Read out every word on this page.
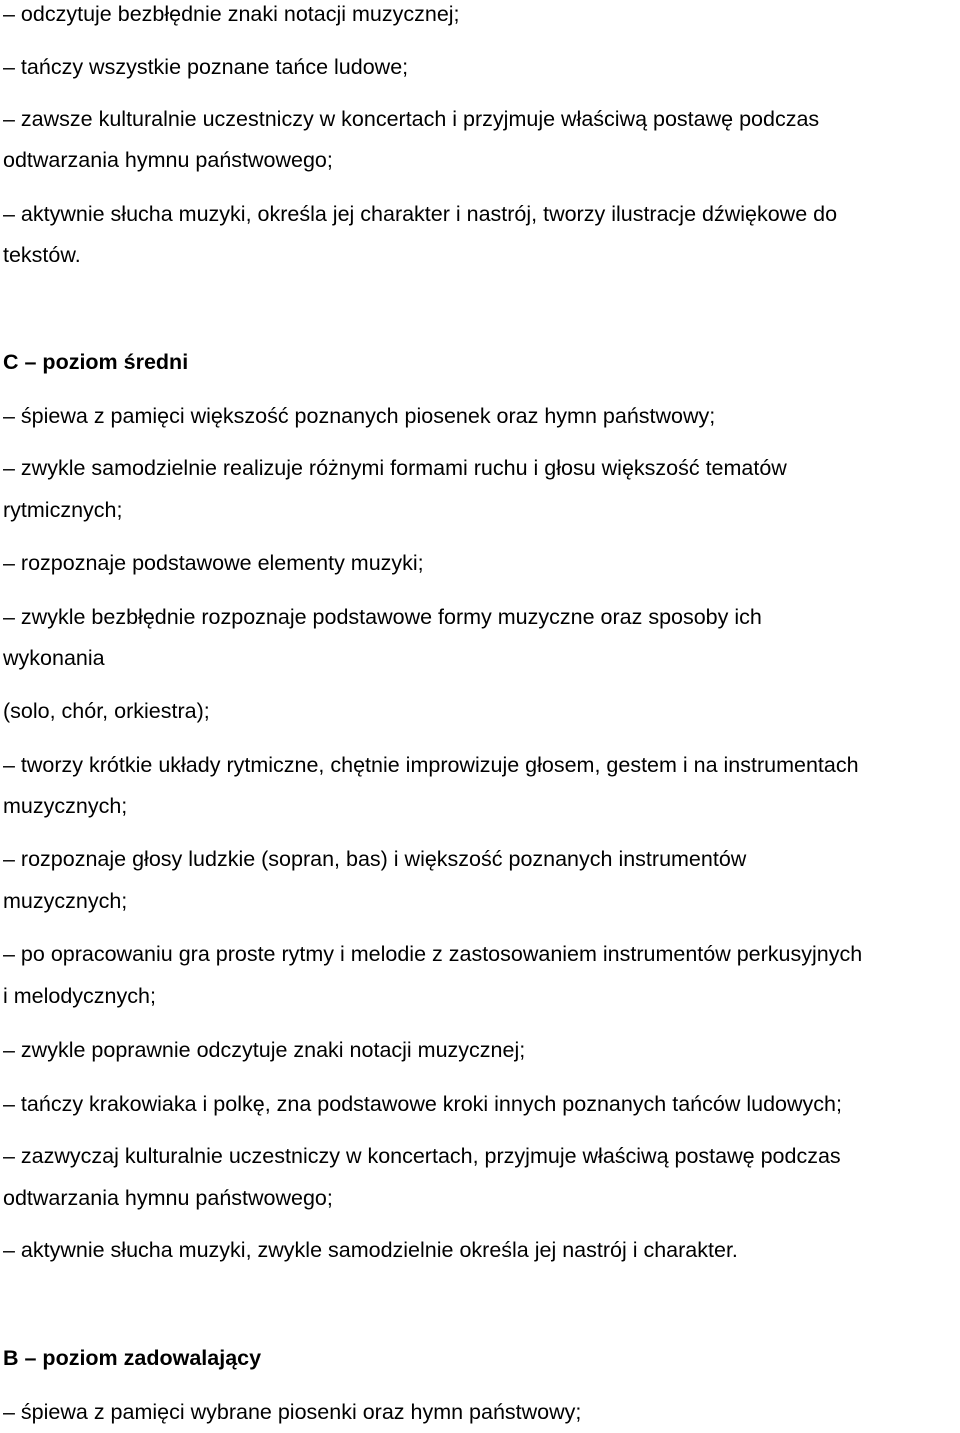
– odczytuje bezbłędnie znaki notacji muzycznej;
– tańczy wszystkie poznane tańce ludowe;
– zawsze kulturalnie uczestniczy w koncertach i przyjmuje właściwą postawę podczas
odtwarzania hymnu państwowego;
– aktywnie słucha muzyki, określa jej charakter i nastrój, tworzy ilustracje dźwiękowe do
tekstów.
C – poziom średni
– śpiewa z pamięci większość poznanych piosenek oraz hymn państwowy;
– zwykle samodzielnie realizuje różnymi formami ruchu i głosu większość tematów
rytmicznych;
– rozpoznaje podstawowe elementy muzyki;
– zwykle bezbłędnie rozpoznaje podstawowe formy muzyczne oraz sposoby ich
wykonania
(solo, chór, orkiestra);
– tworzy krótkie układy rytmiczne, chętnie improwizuje głosem, gestem i na instrumentach
muzycznych;
– rozpoznaje głosy ludzkie (sopran, bas) i większość poznanych instrumentów
muzycznych;
– po opracowaniu gra proste rytmy i melodie z zastosowaniem instrumentów perkusyjnych
i melodycznych;
– zwykle poprawnie odczytuje znaki notacji muzycznej;
– tańczy krakowiaka i polkę, zna podstawowe kroki innych poznanych tańców ludowych;
– zazwyczaj kulturalnie uczestniczy w koncertach, przyjmuje właściwą postawę podczas
odtwarzania hymnu państwowego;
– aktywnie słucha muzyki, zwykle samodzielnie określa jej nastrój i charakter.
B – poziom zadowalający
– śpiewa z pamięci wybrane piosenki oraz hymn państwowy;
